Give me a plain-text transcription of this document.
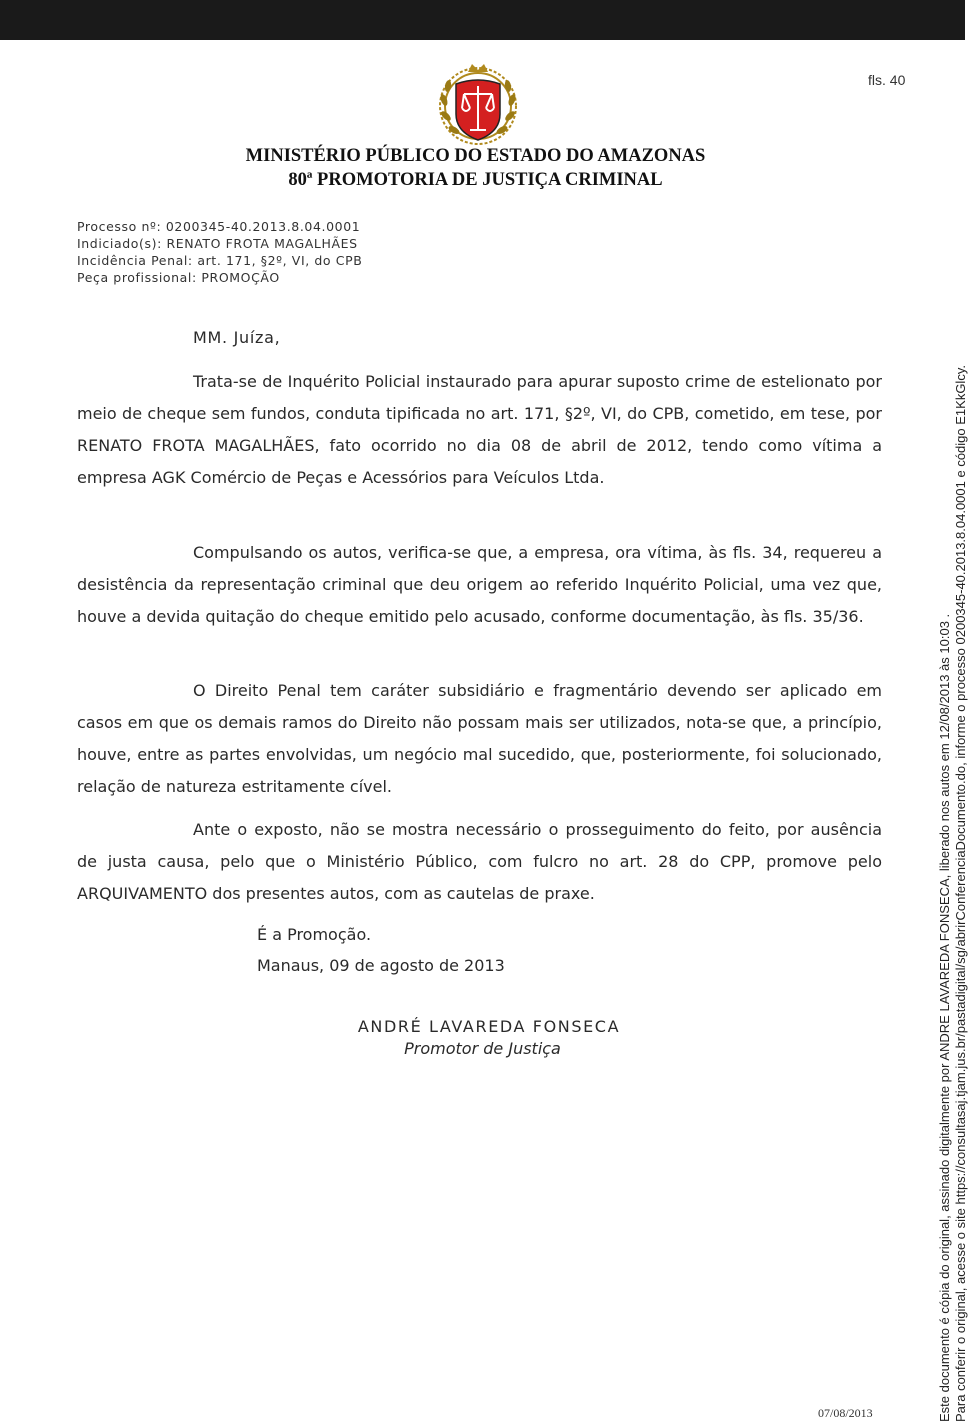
fls. 40
MINISTÉRIO PÚBLICO DO ESTADO DO AMAZONAS
80ª PROMOTORIA DE JUSTIÇA CRIMINAL
Processo nº: 0200345-40.2013.8.04.0001
Indiciado(s): RENATO FROTA MAGALHÃES
Incidência Penal: art. 171, §2º, VI, do CPB
Peça profissional: PROMOÇÃO
MM. Juíza,

Trata-se de Inquérito Policial instaurado para apurar suposto crime de estelionato por meio de cheque sem fundos, conduta tipificada no art. 171, §2º, VI, do CPB, cometido, em tese, por RENATO FROTA MAGALHÃES, fato ocorrido no dia 08 de abril de 2012, tendo como vítima a empresa AGK Comércio de Peças e Acessórios para Veículos Ltda.

Compulsando os autos, verifica-se que, a empresa, ora vítima, às fls. 34, requereu a desistência da representação criminal que deu origem ao referido Inquérito Policial, uma vez que, houve a devida quitação do cheque emitido pelo acusado, conforme documentação, às fls. 35/36.

O Direito Penal tem caráter subsidiário e fragmentário devendo ser aplicado em casos em que os demais ramos do Direito não possam mais ser utilizados, nota-se que, a princípio, houve, entre as partes envolvidas, um negócio mal sucedido, que, posteriormente, foi solucionado, relação de natureza estritamente cível.

Ante o exposto, não se mostra necessário o prosseguimento do feito, por ausência de justa causa, pelo que o Ministério Público, com fulcro no art. 28 do CPP, promove pelo ARQUIVAMENTO dos presentes autos, com as cautelas de praxe.

É a Promoção.
Manaus, 09 de agosto de 2013
ANDRÉ LAVAREDA FONSECA
Promotor de Justiça
07/08/2013	Este documento é cópia do original, assinado digitalmente por ANDRE LAVAREDA FONSECA, liberado nos autos em 12/08/2013 às 10:03 . Para conferir o original, acesse o site https://consultasaj.tjam.jus.br/pastadigital/sg/abrirConferenciaDocumento.do, informe o processo 0200345-40.2013.8.04.0001 e código E1KkGlcy.
